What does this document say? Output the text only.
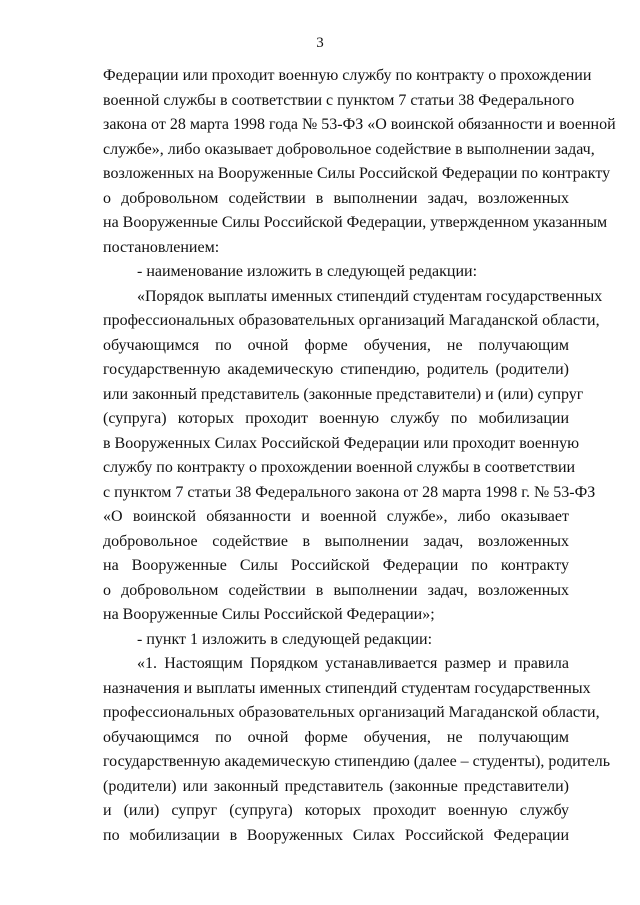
3
Федерации или проходит военную службу по контракту о прохождении
военной службы в соответствии с пунктом 7 статьи 38 Федерального
закона от 28 марта 1998 года № 53-ФЗ «О воинской обязанности и военной
службе», либо оказывает добровольное содействие в выполнении задач,
возложенных на Вооруженные Силы Российской Федерации по контракту
о добровольном содействии в выполнении задач, возложенных
на Вооруженные Силы Российской Федерации, утвержденном указанным
постановлением:
- наименование изложить в следующей редакции:
«Порядок выплаты именных стипендий студентам государственных
профессиональных образовательных организаций Магаданской области,
обучающимся по очной форме обучения, не получающим
государственную академическую стипендию, родитель (родители)
или законный представитель (законные представители) и (или) супруг
(супруга) которых проходит военную службу по мобилизации
в Вооруженных Силах Российской Федерации или проходит военную
службу по контракту о прохождении военной службы в соответствии
с пунктом 7 статьи 38 Федерального закона от 28 марта 1998 г. № 53-ФЗ
«О воинской обязанности и военной службе», либо оказывает
добровольное содействие в выполнении задач, возложенных
на Вооруженные Силы Российской Федерации по контракту
о добровольном содействии в выполнении задач, возложенных
на Вооруженные Силы Российской Федерации»;
- пункт 1 изложить в следующей редакции:
«1. Настоящим Порядком устанавливается размер и правила
назначения и выплаты именных стипендий студентам государственных
профессиональных образовательных организаций Магаданской области,
обучающимся по очной форме обучения, не получающим
государственную академическую стипендию (далее – студенты), родитель
(родители) или законный представитель (законные представители)
и (или) супруг (супруга) которых проходит военную службу
по мобилизации в Вооруженных Силах Российской Федерации
